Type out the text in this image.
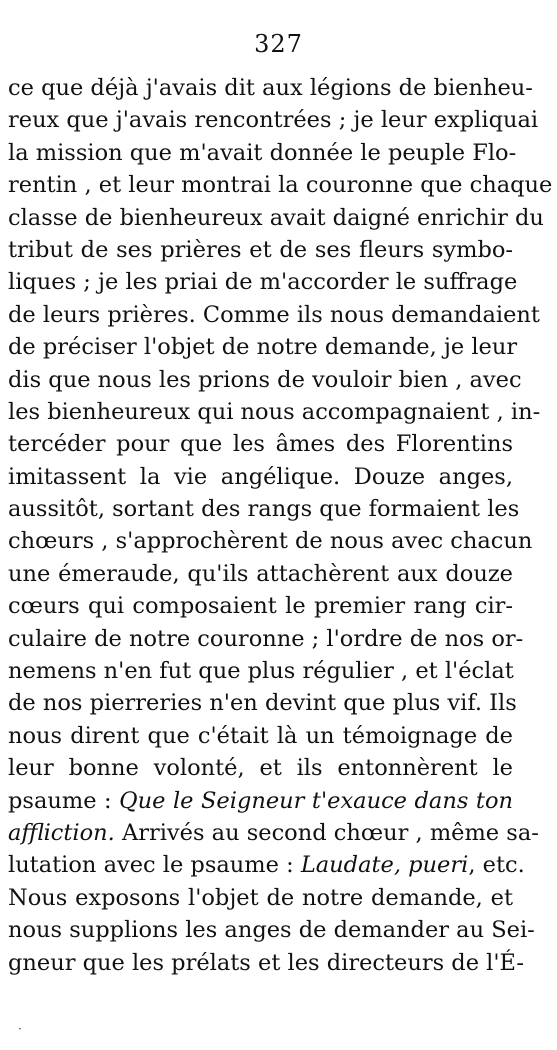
327
ce que déjà j'avais dit aux légions de bienheu-
reux que j'avais rencontrées ; je leur expliquai
la mission que m'avait donnée le peuple Flo-
rentin , et leur montrai la couronne que chaque
classe de bienheureux avait daigné enrichir du
tribut de ses prières et de ses fleurs symbo-
liques ; je les priai de m'accorder le suffrage
de leurs prières. Comme ils nous demandaient
de préciser l'objet de notre demande, je leur
dis que nous les prions de vouloir bien , avec
les bienheureux qui nous accompagnaient , in-
tercéder pour que les âmes des Florentins
imitassent la vie angélique. Douze anges,
aussitôt, sortant des rangs que formaient les
chœurs , s'approchèrent de nous avec chacun
une émeraude, qu'ils attachèrent aux douze
cœurs qui composaient le premier rang cir-
culaire de notre couronne ; l'ordre de nos or-
nemens n'en fut que plus régulier , et l'éclat
de nos pierreries n'en devint que plus vif. Ils
nous dirent que c'était là un témoignage de
leur bonne volonté, et ils entonnèrent le
psaume : Que le Seigneur t'exauce dans ton
affliction. Arrivés au second chœur , même sa-
lutation avec le psaume : Laudate, pueri, etc.
Nous exposons l'objet de notre demande, et
nous supplions les anges de demander au Sei-
gneur que les prélats et les directeurs de l'É-
·
